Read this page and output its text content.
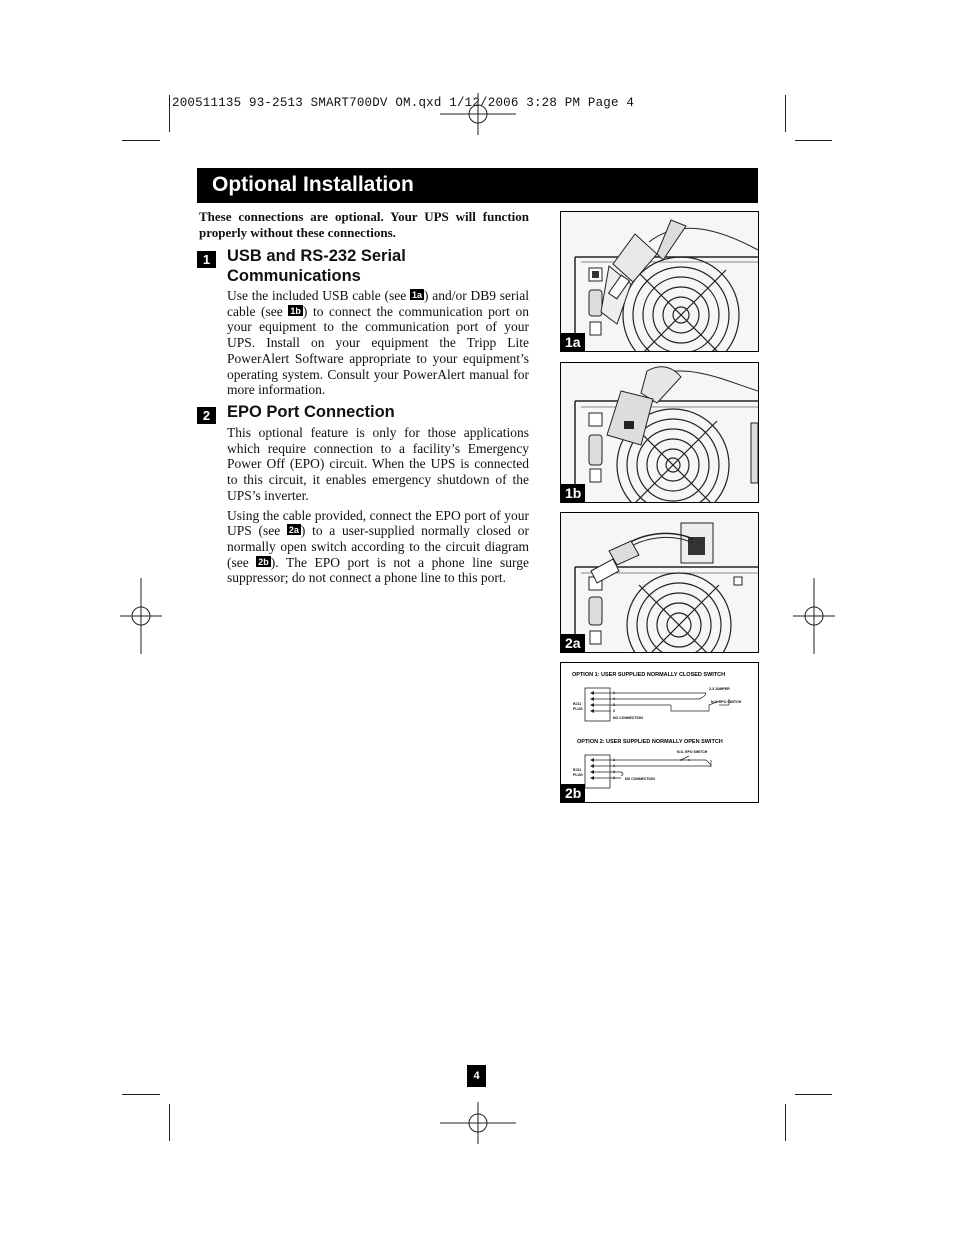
200511135 93-2513 SMART700DV OM.qxd 1/12/2006 3:28 PM Page 4
Optional Installation
These connections are optional. Your UPS will function properly without these connections.
1	USB and RS-232 Serial
Communications
Use the included USB cable (see 1a ) and/or DB9 serial cable (see 1b ) to connect the communication port on your equipment to the communication port of your UPS. Install on your equipment the Tripp Lite PowerAlert Software appropriate to your equipment’s operating system. Consult your PowerAlert manual for more information.
2	EPO Port Connection

This optional feature is only for those applications which require connection to a facility’s Emergency Power Off (EPO) circuit. When the UPS is connected to this circuit, it enables emergency shutdown of the UPS’s inverter.

Using the cable provided, connect the EPO port of your UPS (see 2a ) to a user-supplied normally closed or normally open switch according to the circuit diagram (see 2b ). The EPO port is not a phone line surge suppressor; do not connect a phone line to this port.

1a
1b
2a
OPTION 1: USER SUPPLIED NORMALLY CLOSED SWITCH
RJ11
PLUG
1
4
3
2
NO CONNECTION
2-3 JUMPER
N.C. EPO SWITCH
OPTION 2: USER SUPPLIED NORMALLY OPEN SWITCH
RJ11
PLUG
1
4
3
2	NO CONNECTION
N.O. EPO SWITCH
2b
4
